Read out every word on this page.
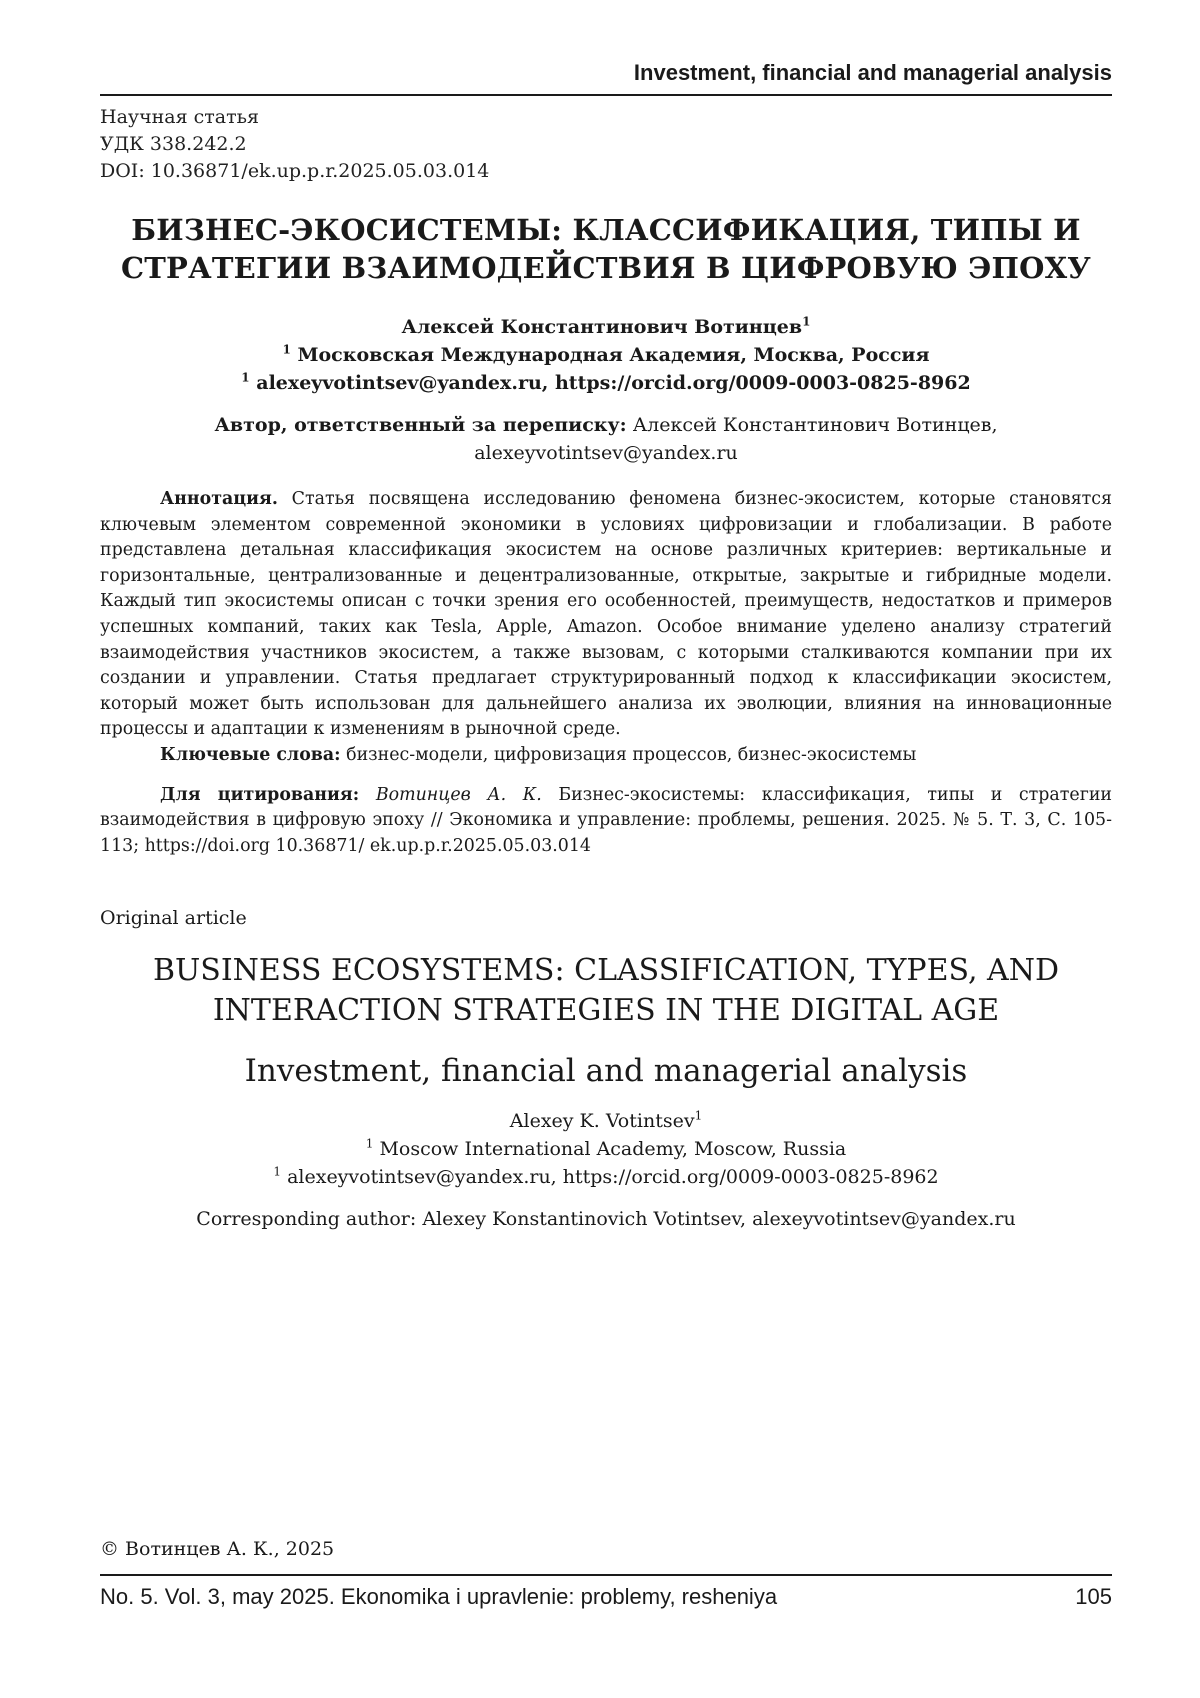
Investment, financial and managerial analysis
Научная статья
УДК 338.242.2
DOI: 10.36871/ek.up.p.r.2025.05.03.014
БИЗНЕС-ЭКОСИСТЕМЫ: КЛАССИФИКАЦИЯ, ТИПЫ И
СТРАТЕГИИ ВЗАИМОДЕЙСТВИЯ В ЦИФРОВУЮ ЭПОХУ
Алексей Константинович Вотинцев1
1 Московская Международная Академия, Москва, Россия
1 alexeyvotintsev@yandex.ru, https://orcid.org/0009-0003-0825-8962
Автор, ответственный за переписку: Алексей Константинович Вотинцев,
alexeyvotintsev@yandex.ru
Аннотация. Статья посвящена исследованию феномена бизнес-экосистем, которые становятся ключевым элементом современной экономики в условиях цифровизации и глобализации. В работе представлена детальная классификация экосистем на основе различных критериев: вертикальные и горизонтальные, централизованные и децентрализованные, открытые, закрытые и гибридные модели. Каждый тип экосистемы описан с точки зрения его особенностей, преимуществ, недостатков и примеров успешных компаний, таких как Tesla, Apple, Amazon. Особое внимание уделено анализу стратегий взаимодействия участников экосистем, а также вызовам, с которыми сталкиваются компании при их создании и управлении. Статья предлагает структурированный подход к классификации экосистем, который может быть использован для дальнейшего анализа их эволюции, влияния на инновационные процессы и адаптации к изменениям в рыночной среде.
Ключевые слова: бизнес-модели, цифровизация процессов, бизнес-экосистемы
Для цитирования: Вотинцев А. К. Бизнес-экосистемы: классификация, типы и стратегии взаимодействия в цифровую эпоху // Экономика и управление: проблемы, решения. 2025. № 5. Т. 3, С. 105-113; https://doi.org 10.36871/ ek.up.p.r.2025.05.03.014
Original article
BUSINESS ECOSYSTEMS: CLASSIFICATION, TYPES, AND
INTERACTION STRATEGIES IN THE DIGITAL AGE
Investment, financial and managerial analysis
Alexey K. Votintsev1
1 Moscow International Academy, Moscow, Russia
1 alexeyvotintsev@yandex.ru, https://orcid.org/0009-0003-0825-8962
Corresponding author: Alexey Konstantinovich Votintsev, alexeyvotintsev@yandex.ru
© Вотинцев А. К., 2025
No. 5. Vol. 3, may 2025. Ekonomika i upravlenie: problemy, resheniya	105
